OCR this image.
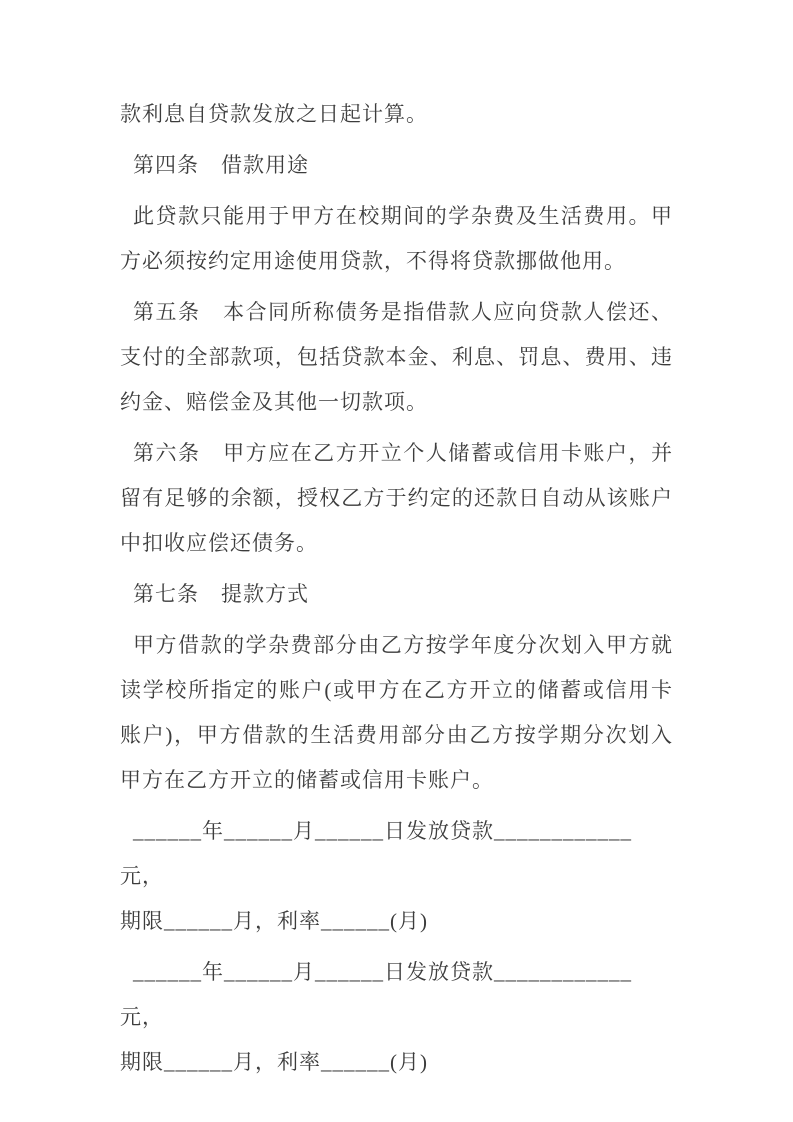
款利息自贷款发放之日起计算。

第四条　借款用途

此贷款只能用于甲方在校期间的学杂费及生活费用。甲方必须按约定用途使用贷款，不得将贷款挪做他用。

第五条　本合同所称债务是指借款人应向贷款人偿还、支付的全部款项，包括贷款本金、利息、罚息、费用、违约金、赔偿金及其他一切款项。

第六条　甲方应在乙方开立个人储蓄或信用卡账户，并留有足够的余额，授权乙方于约定的还款日自动从该账户中扣收应偿还债务。

第七条　提款方式

甲方借款的学杂费部分由乙方按学年度分次划入甲方就读学校所指定的账户(或甲方在乙方开立的储蓄或信用卡账户)，甲方借款的生活费用部分由乙方按学期分次划入甲方在乙方开立的储蓄或信用卡账户。

______年______月______日发放贷款____________元，
期限______月，利率______(月)

______年______月______日发放贷款____________元，
期限______月，利率______(月)
